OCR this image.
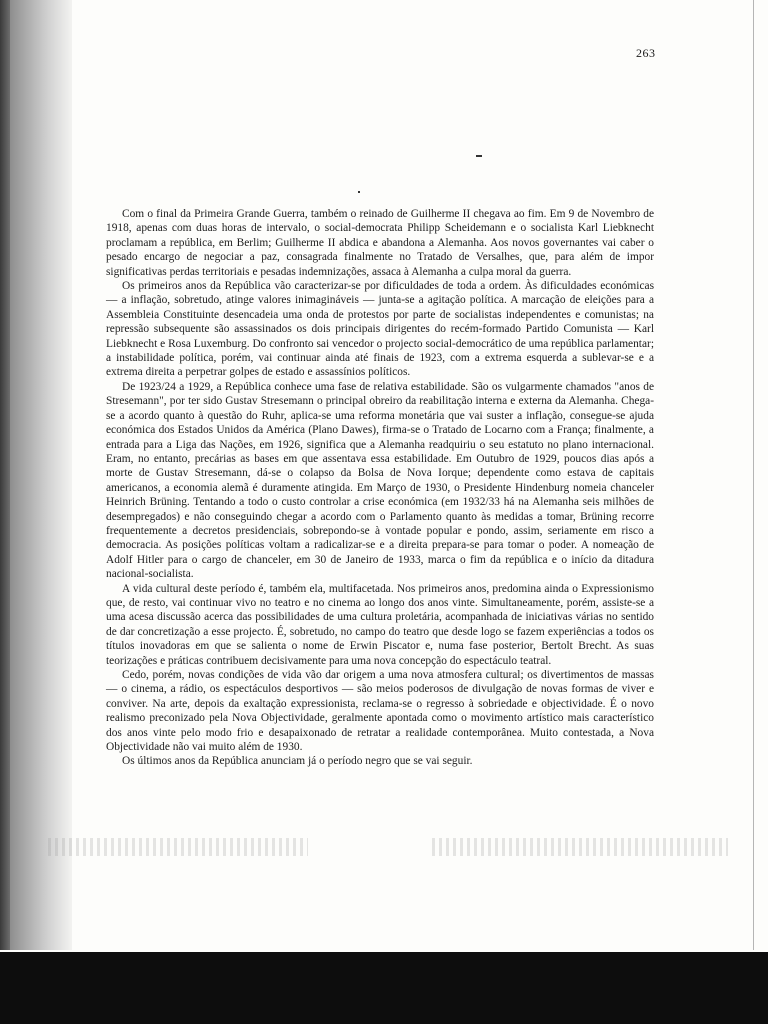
263

Com o final da Primeira Grande Guerra, também o reinado de Guilherme II chegava ao fim. Em 9 de Novembro de 1918, apenas com duas horas de intervalo, o social-democrata Philipp Scheidemann e o socialista Karl Liebknecht proclamam a república, em Berlim; Guilherme II abdica e abandona a Alemanha. Aos novos governantes vai caber o pesado encargo de negociar a paz, consagrada finalmente no Tratado de Versalhes, que, para além de impor significativas perdas territoriais e pesadas indemnizações, assaca à Alemanha a culpa moral da guerra.

Os primeiros anos da República vão caracterizar-se por dificuldades de toda a ordem. Às dificuldades económicas — a inflação, sobretudo, atinge valores inimagináveis — junta-se a agitação política. A marcação de eleições para a Assembleia Constituinte desencadeia uma onda de protestos por parte de socialistas independentes e comunistas; na repressão subsequente são assassinados os dois principais dirigentes do recém-formado Partido Comunista — Karl Liebknecht e Rosa Luxemburg. Do confronto sai vencedor o projecto social-democrático de uma república parlamentar; a instabilidade política, porém, vai continuar ainda até finais de 1923, com a extrema esquerda a sublevar-se e a extrema direita a perpetrar golpes de estado e assassínios políticos.

De 1923/24 a 1929, a República conhece uma fase de relativa estabilidade. São os vulgarmente chamados "anos de Stresemann", por ter sido Gustav Stresemann o principal obreiro da reabilitação interna e externa da Alemanha. Chega-se a acordo quanto à questão do Ruhr, aplica-se uma reforma monetária que vai suster a inflação, consegue-se ajuda económica dos Estados Unidos da América (Plano Dawes), firma-se o Tratado de Locarno com a França; finalmente, a entrada para a Liga das Nações, em 1926, significa que a Alemanha readquiriu o seu estatuto no plano internacional. Eram, no entanto, precárias as bases em que assentava essa estabilidade. Em Outubro de 1929, poucos dias após a morte de Gustav Stresemann, dá-se o colapso da Bolsa de Nova Iorque; dependente como estava de capitais americanos, a economia alemã é duramente atingida. Em Março de 1930, o Presidente Hindenburg nomeia chanceler Heinrich Brüning. Tentando a todo o custo controlar a crise económica (em 1932/33 há na Alemanha seis milhões de desempregados) e não conseguindo chegar a acordo com o Parlamento quanto às medidas a tomar, Brüning recorre frequentemente a decretos presidenciais, sobrepondo-se à vontade popular e pondo, assim, seriamente em risco a democracia. As posições políticas voltam a radicalizar-se e a direita prepara-se para tomar o poder. A nomeação de Adolf Hitler para o cargo de chanceler, em 30 de Janeiro de 1933, marca o fim da república e o início da ditadura nacional-socialista.

A vida cultural deste período é, também ela, multifacetada. Nos primeiros anos, predomina ainda o Expressionismo que, de resto, vai continuar vivo no teatro e no cinema ao longo dos anos vinte. Simultaneamente, porém, assiste-se a uma acesa discussão acerca das possibilidades de uma cultura proletária, acompanhada de iniciativas várias no sentido de dar concretização a esse projecto. É, sobretudo, no campo do teatro que desde logo se fazem experiências a todos os títulos inovadoras em que se salienta o nome de Erwin Piscator e, numa fase posterior, Bertolt Brecht. As suas teorizações e práticas contribuem decisivamente para uma nova concepção do espectáculo teatral.

Cedo, porém, novas condições de vida vão dar origem a uma nova atmosfera cultural; os divertimentos de massas — o cinema, a rádio, os espectáculos desportivos — são meios poderosos de divulgação de novas formas de viver e conviver. Na arte, depois da exaltação expressionista, reclama-se o regresso à sobriedade e objectividade. É o novo realismo preconizado pela Nova Objectividade, geralmente apontada como o movimento artístico mais característico dos anos vinte pelo modo frio e desapaixonado de retratar a realidade contemporânea. Muito contestada, a Nova Objectividade não vai muito além de 1930.

Os últimos anos da República anunciam já o período negro que se vai seguir.
